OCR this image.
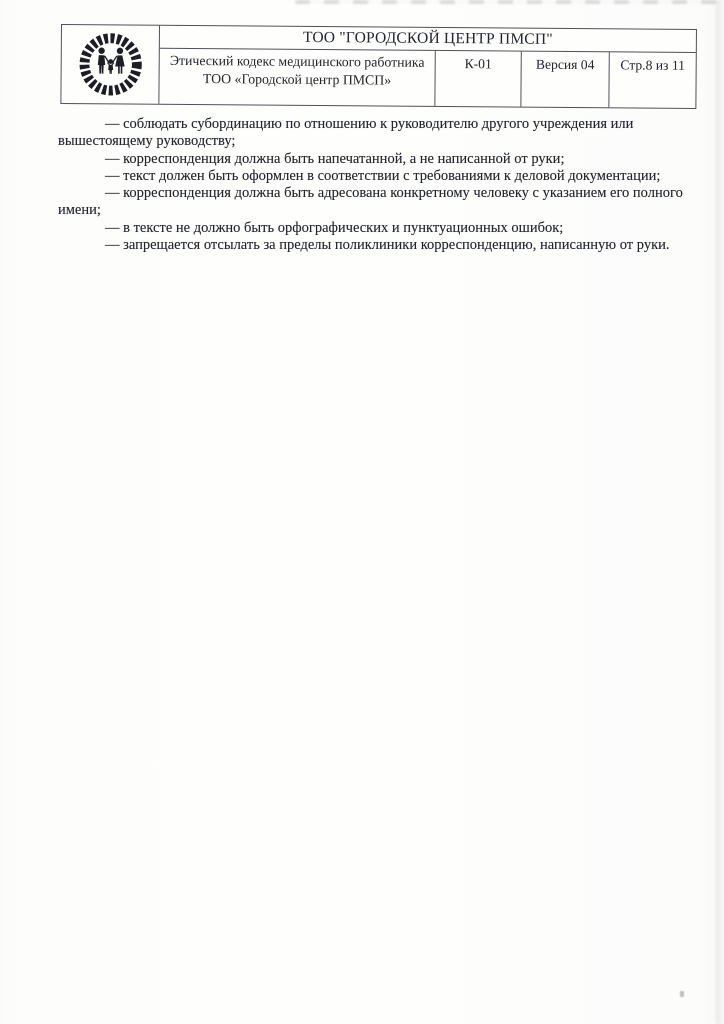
ТОО "ГОРОДСКОЙ ЦЕНТР ПМСП"
Этический кодекс медицинского работника
ТОО «Городской центр ПМСП»
К-01	Версия 04	Стр.8 из 11

— соблюдать субординацию по отношению к руководителю другого учреждения или вышестоящему руководству;

— корреспонденция должна быть напечатанной, а не написанной от руки;

— текст должен быть оформлен в соответствии с требованиями к деловой документации;

— корреспонденция должна быть адресована конкретному человеку с указанием его полного имени;

— в тексте не должно быть орфографических и пунктуационных ошибок;

— запрещается отсылать за пределы поликлиники корреспонденцию, написанную от руки.
